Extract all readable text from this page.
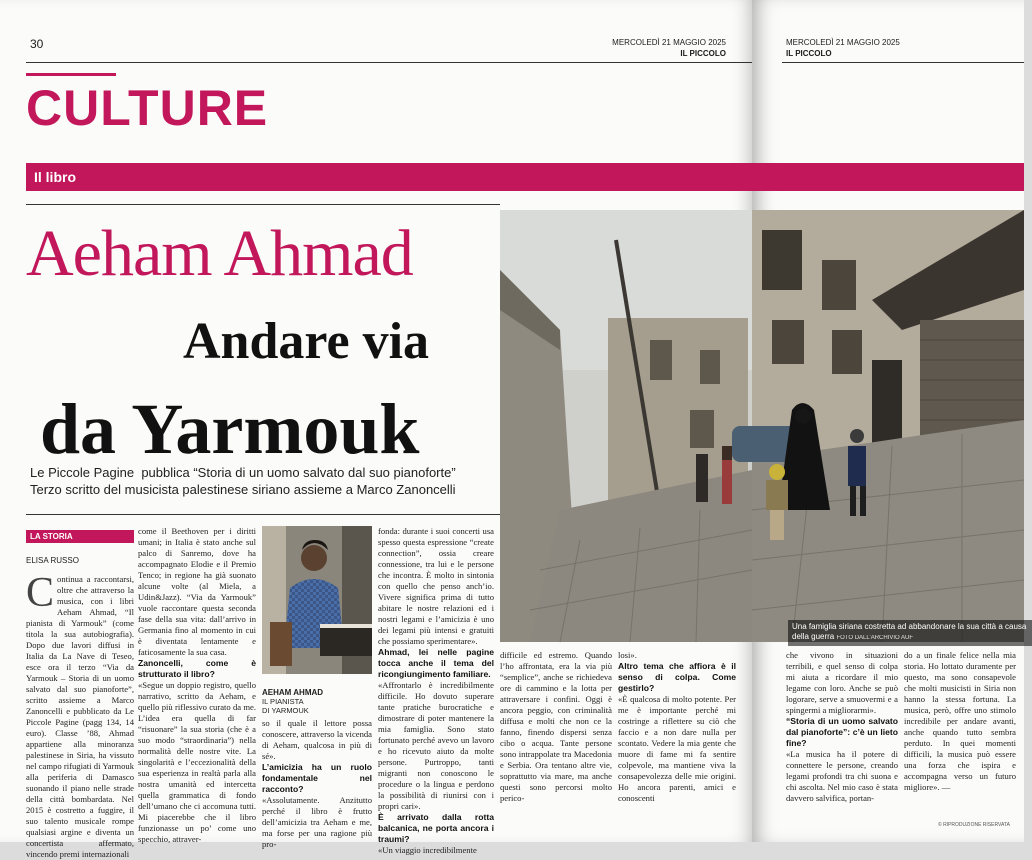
30	MERCOLEDÌ 21 MAGGIO 2025
IL PICCOLO
CULTURE
Il libro
Aeham Ahmad
Andare via
da Yarmouk
Le Piccole Pagine pubblica “Storia di un uomo salvato dal suo pianoforte”
Terzo scritto del musicista palestinese siriano assieme a Marco Zanoncelli
LA STORIA
ELISA RUSSO
Continua a raccontarsi, oltre che attraverso la musica, con i libri Aeham Ahmad, “Il pianista di Yarmouk” (come titola la sua autobiografia). Dopo due lavori diffusi in Italia da La Nave di Teseo, esce ora il terzo “Via da Yarmouk – Storia di un uomo salvato dal suo pianoforte”, scritto assieme a Marco Zanoncelli e pubblicato da Le Piccole Pagine (pagg 134, 14 euro). Classe ’88, Ahmad appartiene alla minoranza palestinese in Siria, ha vissuto nel campo rifugiati di Yarmouk alla periferia di Damasco suonando il piano nelle strade della città bombardata. Nel 2015 è costretto a fuggire, il suo talento musicale rompe qualsiasi argine e diventa un concertista affermato, vincendo premi internazionali

come il Beethoven per i diritti umani; in Italia è stato anche sul palco di Sanremo, dove ha accompagnato Elodie e il Premio Tenco; in regione ha già suonato alcune volte (al Miela, a Udin&Jazz). “Via da Yarmouk” vuole raccontare questa seconda fase della sua vita: dall’arrivo in Germania fino al momento in cui è diventata lentamente e faticosamente la sua casa.

Zanoncelli, come è strutturato il libro?

«Segue un doppio registro, quello narrativo, scritto da Aeham, e quello più riflessivo curato da me. L’idea era quella di far “risuonare” la sua storia (che è a suo modo “straordinaria”) nella normalità delle nostre vite. La singolarità e l’eccezionalità della sua esperienza in realtà parla alla nostra umanità ed intercetta quella grammatica di fondo dell’umano che ci accomuna tutti. Mi piacerebbe che il libro funzionasse un po’ come uno specchio, attraver-

AEHAM AHMAD
IL PIANISTA
DI YARMOUK

so il quale il lettore possa conoscere, attraverso la vicenda di Aeham, qualcosa in più di sé».

L’amicizia ha un ruolo fondamentale nel racconto?

«Assolutamente. Anzitutto perché il libro è frutto dell’amicizia tra Aeham e me, ma forse per una ragione più pro-

fonda: durante i suoi concerti usa spesso questa espressione “create connection”, ossia creare connessione, tra lui e le persone che incontra. È molto in sintonia con quello che penso anch’io. Vivere significa prima di tutto abitare le nostre relazioni ed i nostri legami e l’amicizia è uno dei legami più intensi e gratuiti che possiamo sperimentare».

Ahmad, lei nelle pagine tocca anche il tema del ricongiungimento familiare.

«Affrontarlo è incredibilmente difficile. Ho dovuto superare tante pratiche burocratiche e dimostrare di poter mantenere la mia famiglia. Sono stato fortunato perché avevo un lavoro e ho ricevuto aiuto da molte persone. Purtroppo, tanti migranti non conoscono le procedure o la lingua e perdono la possibilità di riunirsi con i propri cari».

È arrivato dalla rotta balcanica, ne porta ancora i traumi?

«Un viaggio incredibilmente

MERCOLEDÌ 21 MAGGIO 2025
IL PICCOLO
Una famiglia siriana costretta ad abbandonare la sua città a causa della guerra FOTO DALL’ARCHIVIO AUF

difficile ed estremo. Quando l’ho affrontata, era la via più “semplice”, anche se richiedeva ore di cammino e la lotta per attraversare i confini. Oggi è ancora peggio, con criminalità diffusa e molti che non ce la fanno, finendo dispersi senza cibo o acqua. Tante persone sono intrappolate tra Macedonia e Serbia. Ora tentano altre vie, soprattutto via mare, ma anche questi sono percorsi molto perico-

losi».

Altro tema che affiora è il senso di colpa. Come gestirlo?

«È qualcosa di molto potente. Per me è importante perché mi costringe a riflettere su ciò che faccio e a non dare nulla per scontato. Vedere la mia gente che muore di fame mi fa sentire colpevole, ma mantiene viva la consapevolezza delle mie origini. Ho ancora parenti, amici e conoscenti

che vivono in situazioni terribili, e quel senso di colpa mi aiuta a ricordare il mio legame con loro. Anche se può logorare, serve a smuovermi e a spingermi a migliorarmi».

“Storia di un uomo salvato dal pianoforte”: c’è un lieto fine?

«La musica ha il potere di connettere le persone, creando legami profondi tra chi suona e chi ascolta. Nel mio caso è stata davvero salvifica, portan-

do a un finale felice nella mia storia. Ho lottato duramente per questo, ma sono consapevole che molti musicisti in Siria non hanno la stessa fortuna. La musica, però, offre uno stimolo incredibile per andare avanti, anche quando tutto sembra perduto. In quei momenti difficili, la musica può essere una forza che ispira e accompagna verso un futuro migliore». —

© RIPRODUZIONE RISERVATA
